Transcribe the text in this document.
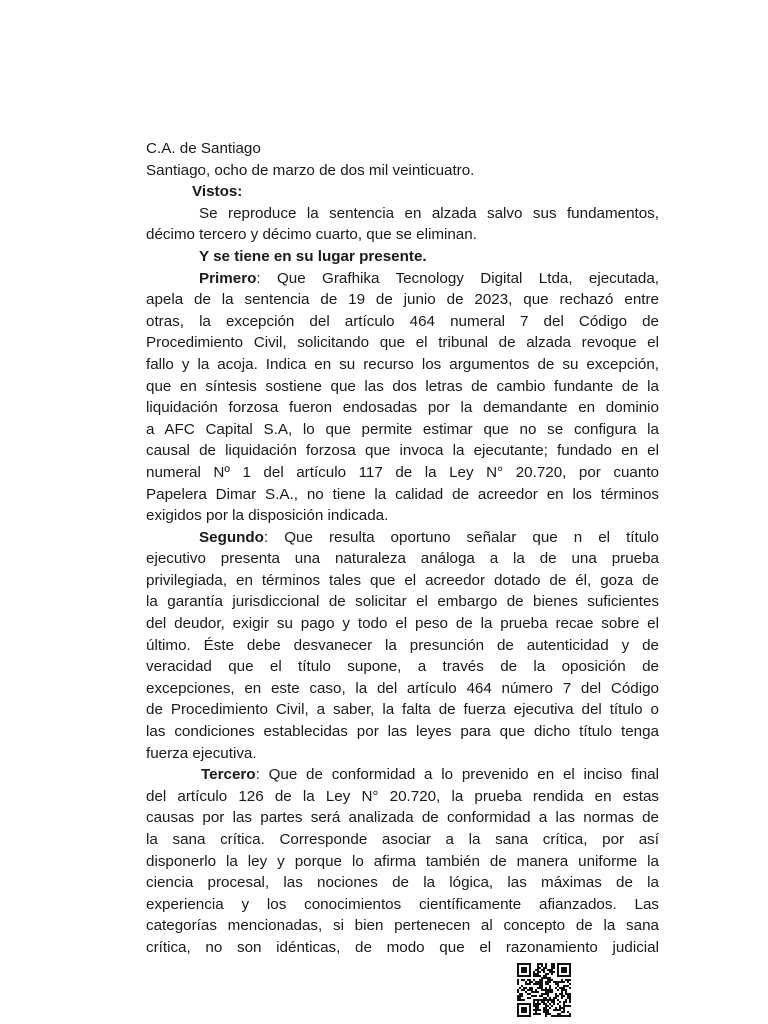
C.A. de Santiago
Santiago, ocho de marzo de dos mil veinticuatro.
Vistos:
Se reproduce la sentencia en alzada salvo sus fundamentos,
décimo tercero y décimo cuarto, que se eliminan.
Y se tiene en su lugar presente.
Primero: Que Grafhika Tecnology Digital Ltda, ejecutada,
apela de la sentencia de 19 de junio de 2023, que rechazó entre
otras, la excepción del artículo 464 numeral 7 del Código de
Procedimiento Civil, solicitando que el tribunal de alzada revoque el
fallo y la acoja. Indica en su recurso los argumentos de su excepción,
que en síntesis sostiene que las dos letras de cambio fundante de la
liquidación forzosa fueron endosadas por la demandante en dominio
a AFC Capital S.A, lo que permite estimar que no se configura la
causal de liquidación forzosa que invoca la ejecutante; fundado en el
numeral Nº 1 del artículo 117 de la Ley N° 20.720, por cuanto
Papelera Dimar S.A., no tiene la calidad de acreedor en los términos
exigidos por la disposición indicada.
Segundo: Que resulta oportuno señalar que n el título
ejecutivo presenta una naturaleza análoga a la de una prueba
privilegiada, en términos tales que el acreedor dotado de él, goza de
la garantía jurisdiccional de solicitar el embargo de bienes suficientes
del deudor, exigir su pago y todo el peso de la prueba recae sobre el
último. Éste debe desvanecer la presunción de autenticidad y de
veracidad que el título supone, a través de la oposición de
excepciones, en este caso, la del artículo 464 número 7 del Código
de Procedimiento Civil, a saber, la falta de fuerza ejecutiva del título o
las condiciones establecidas por las leyes para que dicho título tenga
fuerza ejecutiva.
Tercero: Que de conformidad a lo prevenido en el inciso final
del artículo 126 de la Ley N° 20.720, la prueba rendida en estas
causas por las partes será analizada de conformidad a las normas de
la sana crítica. Corresponde asociar a la sana crítica, por así
disponerlo la ley y porque lo afirma también de manera uniforme la
ciencia procesal, las nociones de la lógica, las máximas de la
experiencia y los conocimientos científicamente afianzados. Las
categorías mencionadas, si bien pertenecen al concepto de la sana
crítica, no son idénticas, de modo que el razonamiento judicial
